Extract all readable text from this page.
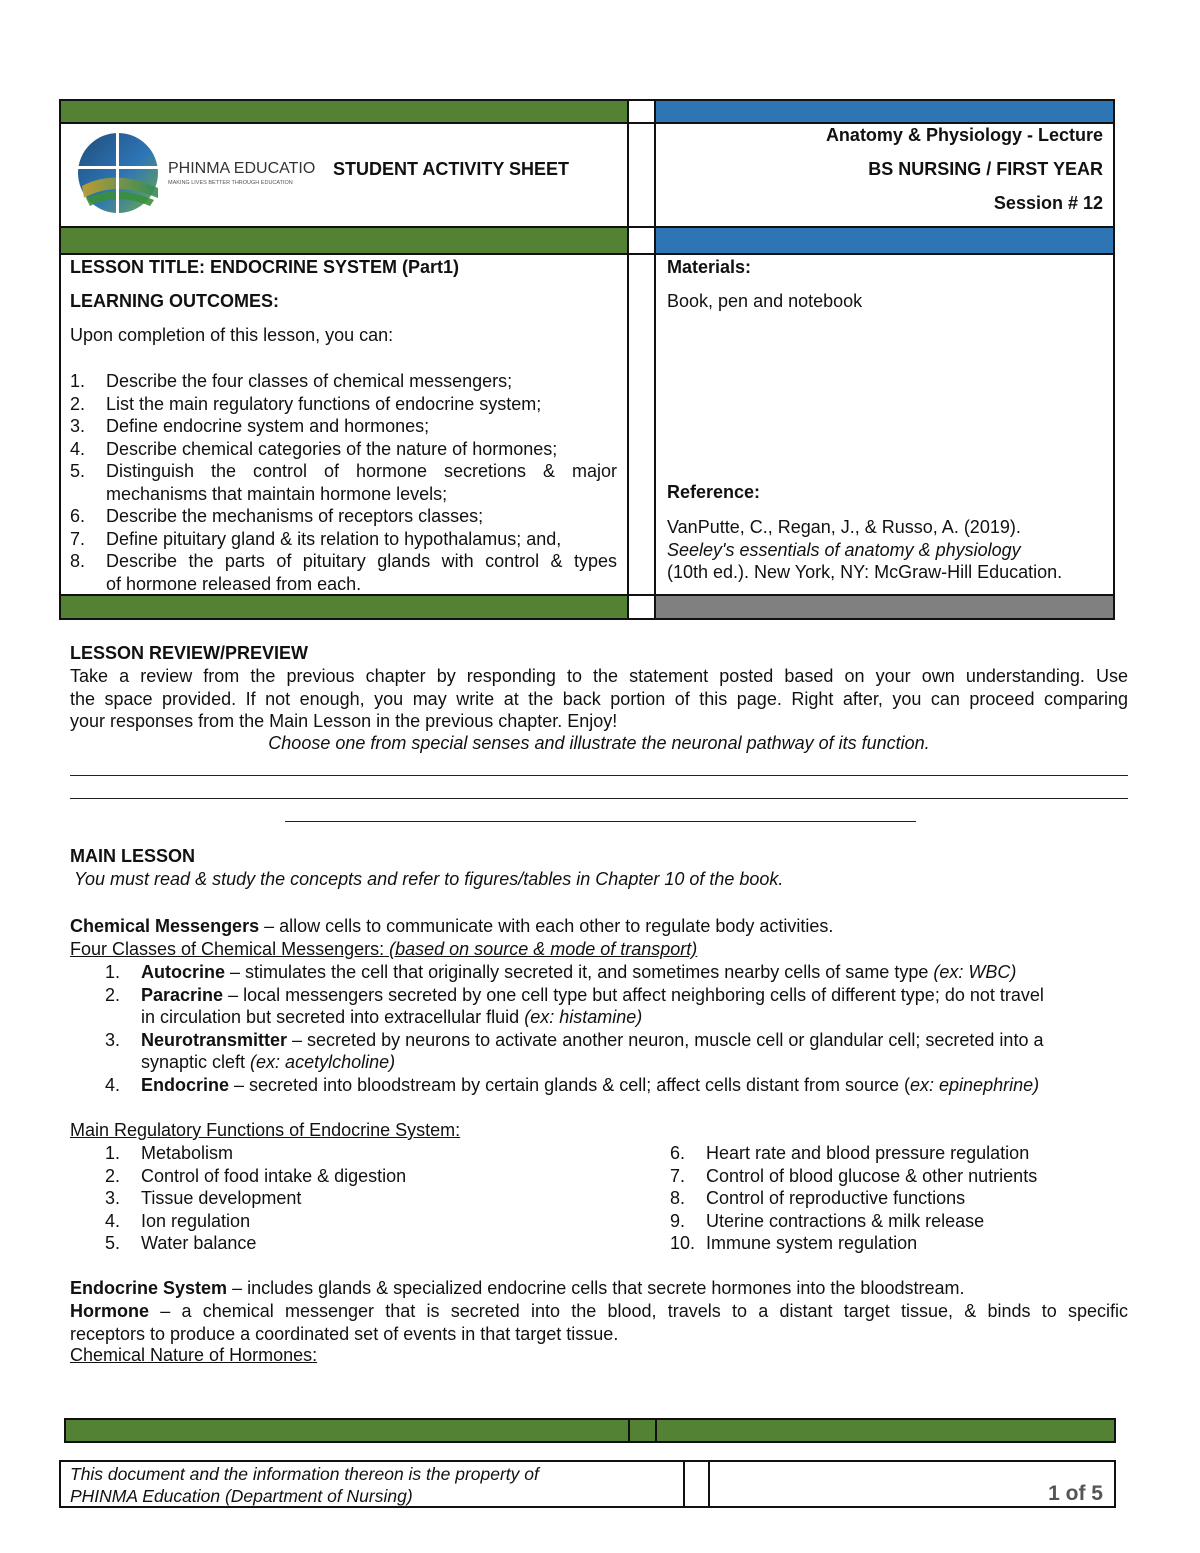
PHINMA EDUCATION
MAKING LIVES BETTER THROUGH EDUCATION
STUDENT ACTIVITY SHEET
Anatomy & Physiology - Lecture
BS NURSING / FIRST YEAR
Session # 12
LESSON TITLE: ENDOCRINE SYSTEM (Part1)
LEARNING OUTCOMES:
Upon completion of this lesson, you can:
1. Describe the four classes of chemical messengers;
2. List the main regulatory functions of endocrine system;
3. Define endocrine system and hormones;
4. Describe chemical categories of the nature of hormones;
5. Distinguish the control of hormone secretions & major
mechanisms that maintain hormone levels;
6. Describe the mechanisms of receptors classes;
7. Define pituitary gland & its relation to hypothalamus; and,
8. Describe the parts of pituitary glands with control & types
of hormone released from each.
Materials:
Book, pen and notebook
Reference:
VanPutte, C., Regan, J., & Russo, A. (2019).
Seeley's essentials of anatomy & physiology
(10th ed.). New York, NY: McGraw-Hill Education.
LESSON REVIEW/PREVIEW
Take a review from the previous chapter by responding to the statement posted based on your own understanding. Use
the space provided. If not enough, you may write at the back portion of this page. Right after, you can proceed comparing
your responses from the Main Lesson in the previous chapter. Enjoy!
Choose one from special senses and illustrate the neuronal pathway of its function.
MAIN LESSON
You must read & study the concepts and refer to figures/tables in Chapter 10 of the book.
Chemical Messengers – allow cells to communicate with each other to regulate body activities.
Four Classes of Chemical Messengers: (based on source & mode of transport)
1. Autocrine – stimulates the cell that originally secreted it, and sometimes nearby cells of same type (ex: WBC)
2. Paracrine – local messengers secreted by one cell type but affect neighboring cells of different type; do not travel
in circulation but secreted into extracellular fluid (ex: histamine)
3. Neurotransmitter – secreted by neurons to activate another neuron, muscle cell or glandular cell; secreted into a
synaptic cleft (ex: acetylcholine)
4. Endocrine – secreted into bloodstream by certain glands & cell; affect cells distant from source (ex: epinephrine)
Main Regulatory Functions of Endocrine System:
1. Metabolism
2. Control of food intake & digestion
3. Tissue development
4. Ion regulation
5. Water balance
6. Heart rate and blood pressure regulation
7. Control of blood glucose & other nutrients
8. Control of reproductive functions
9. Uterine contractions & milk release
10. Immune system regulation
Endocrine System – includes glands & specialized endocrine cells that secrete hormones into the bloodstream.
Hormone – a chemical messenger that is secreted into the blood, travels to a distant target tissue, & binds to specific
receptors to produce a coordinated set of events in that target tissue.
Chemical Nature of Hormones:
This document and the information thereon is the property of
PHINMA Education (Department of Nursing)	1 of 5
